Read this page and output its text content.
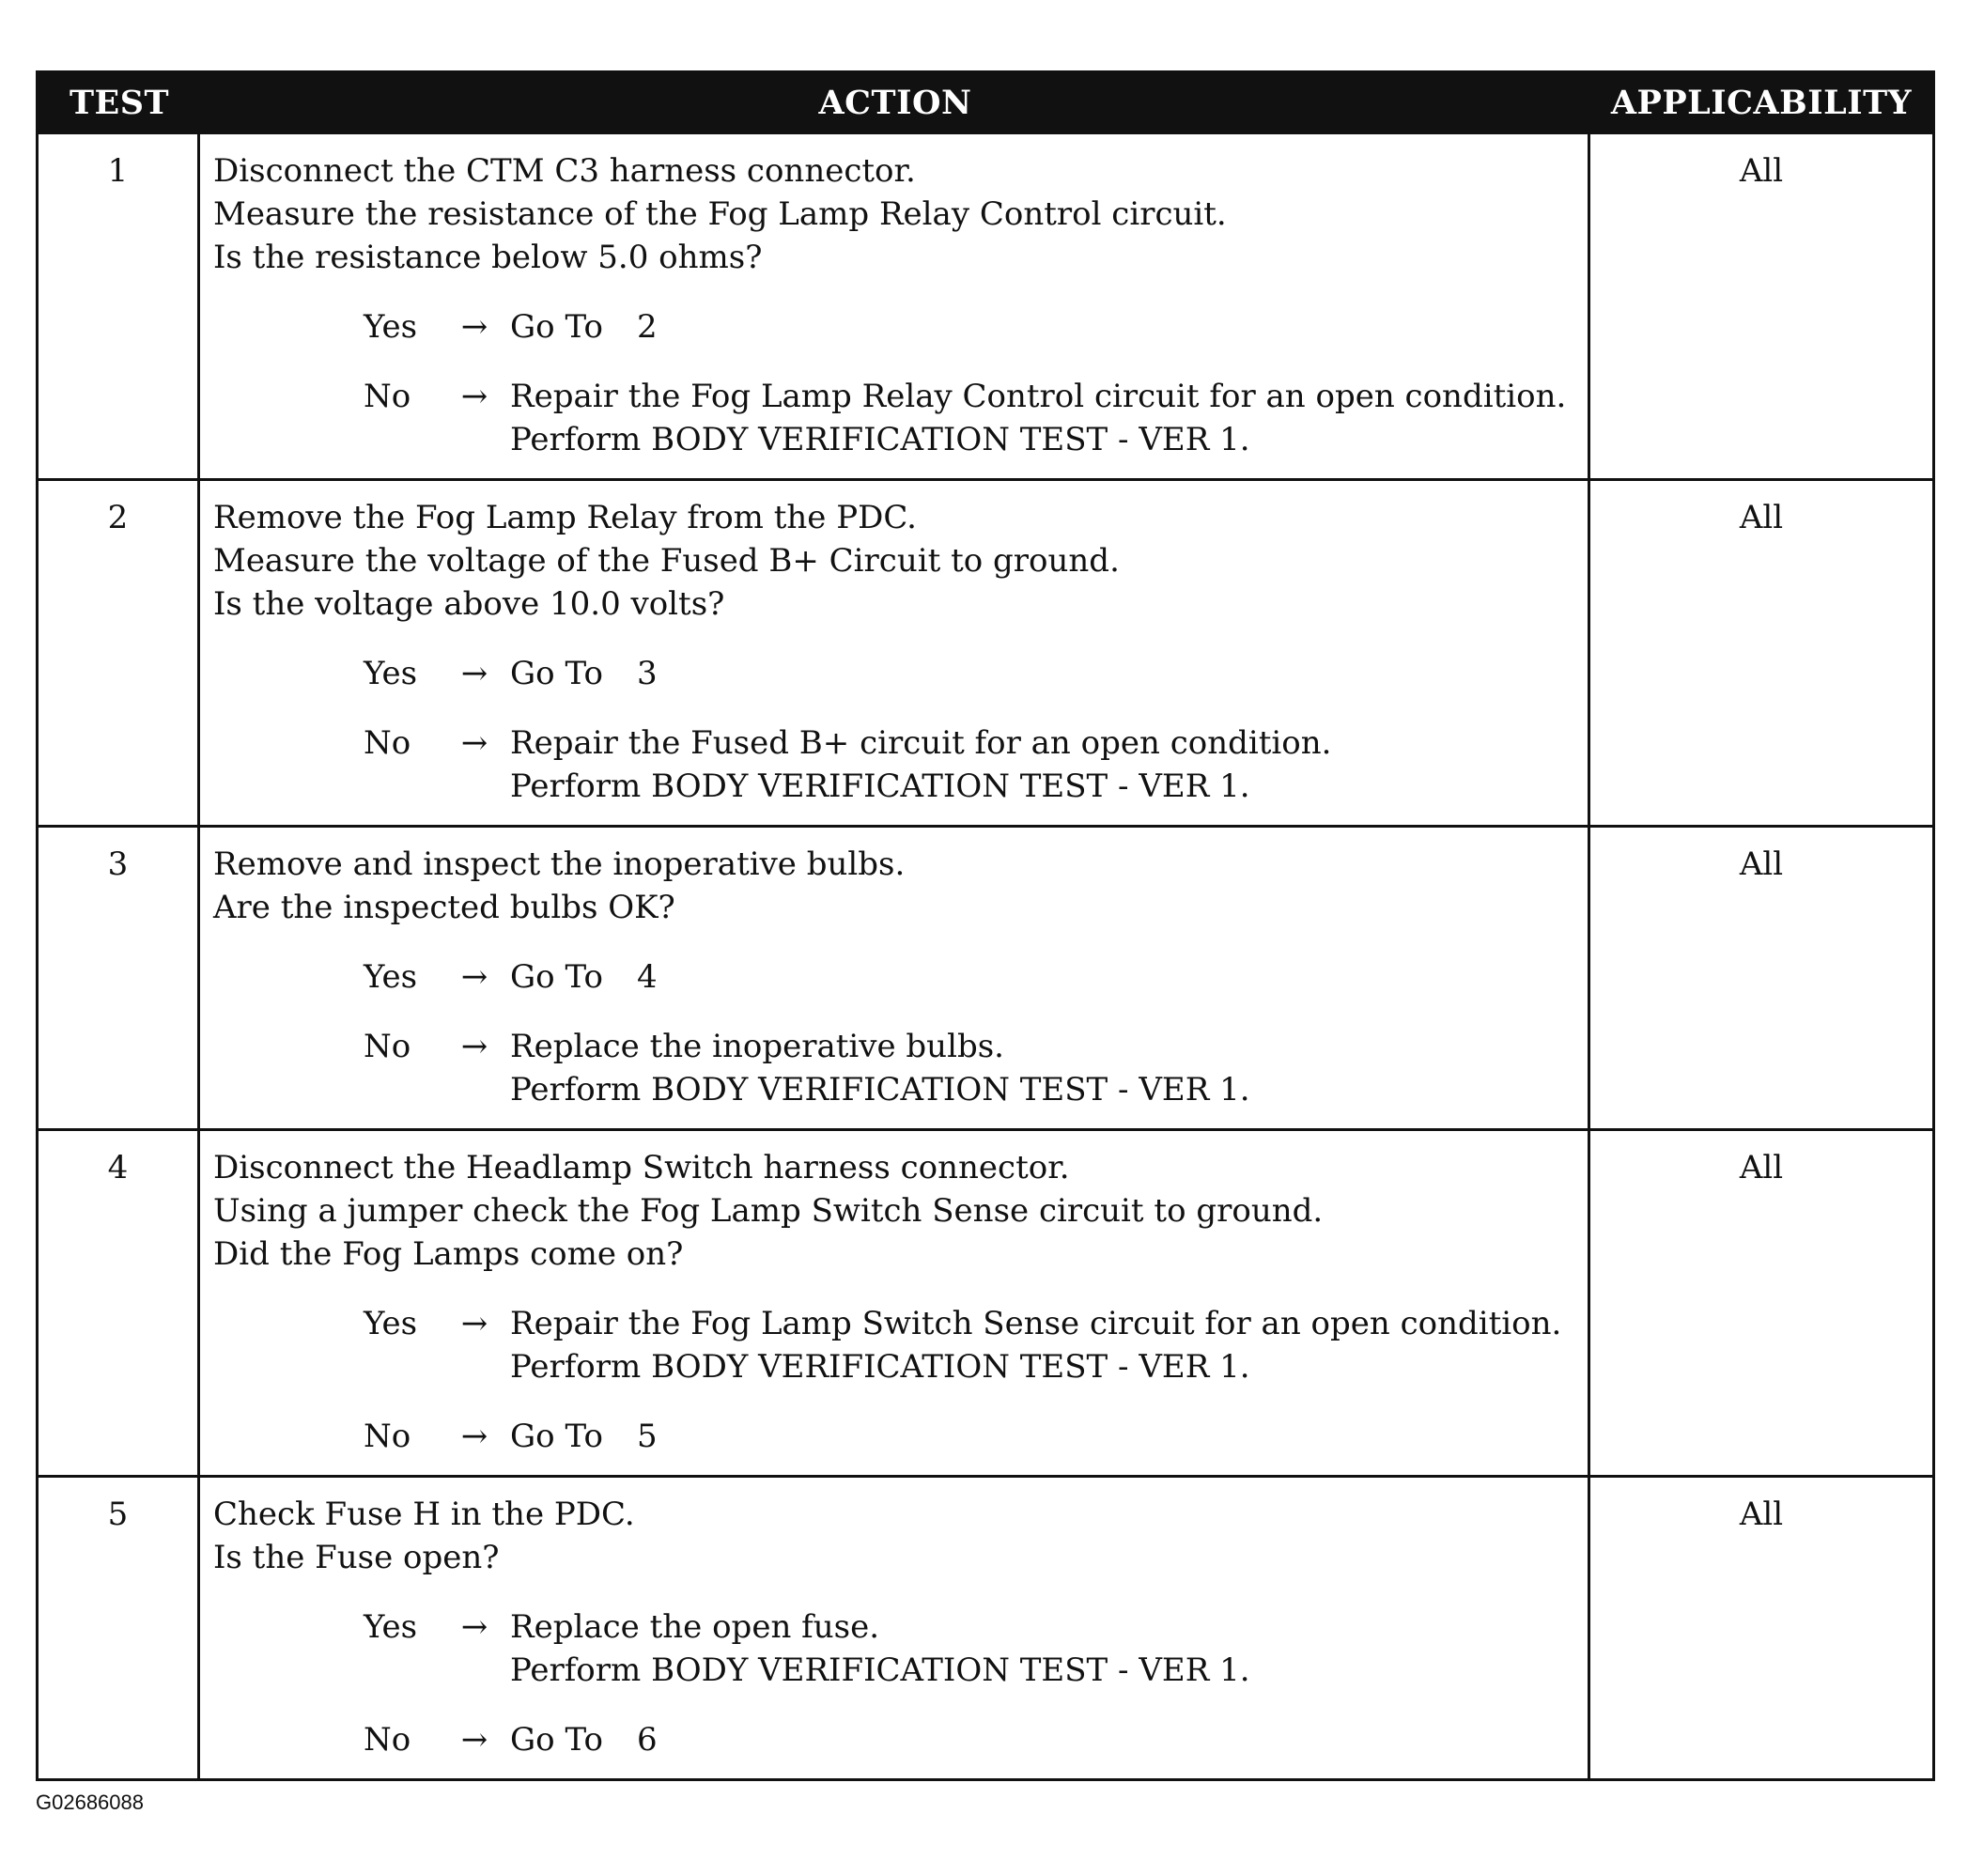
TEST	ACTION	APPLICABILITY
1	Disconnect the CTM C3 harness connector.
Measure the resistance of the Fog Lamp Relay Control circuit.
Is the resistance below 5.0 ohms?
Yes	→ Go To 2
No	→ Repair the Fog Lamp Relay Control circuit for an open condition.
Perform BODY VERIFICATION TEST - VER 1.
All
2	Remove the Fog Lamp Relay from the PDC.
Measure the voltage of the Fused B+ Circuit to ground.
Is the voltage above 10.0 volts?
Yes	→ Go To 3
No	→ Repair the Fused B+ circuit for an open condition.
Perform BODY VERIFICATION TEST - VER 1.
All
3	Remove and inspect the inoperative bulbs.
Are the inspected bulbs OK?
Yes	→ Go To 4
No	→ Replace the inoperative bulbs.
Perform BODY VERIFICATION TEST - VER 1.
All
4	Disconnect the Headlamp Switch harness connector.
Using a jumper check the Fog Lamp Switch Sense circuit to ground.
Did the Fog Lamps come on?
Yes	→ Repair the Fog Lamp Switch Sense circuit for an open condition.
Perform BODY VERIFICATION TEST - VER 1.
No	→ Go To 5
All
5	Check Fuse H in the PDC.
Is the Fuse open?
Yes	→ Replace the open fuse.
Perform BODY VERIFICATION TEST - VER 1.
No	→ Go To 6
All
G02686088
